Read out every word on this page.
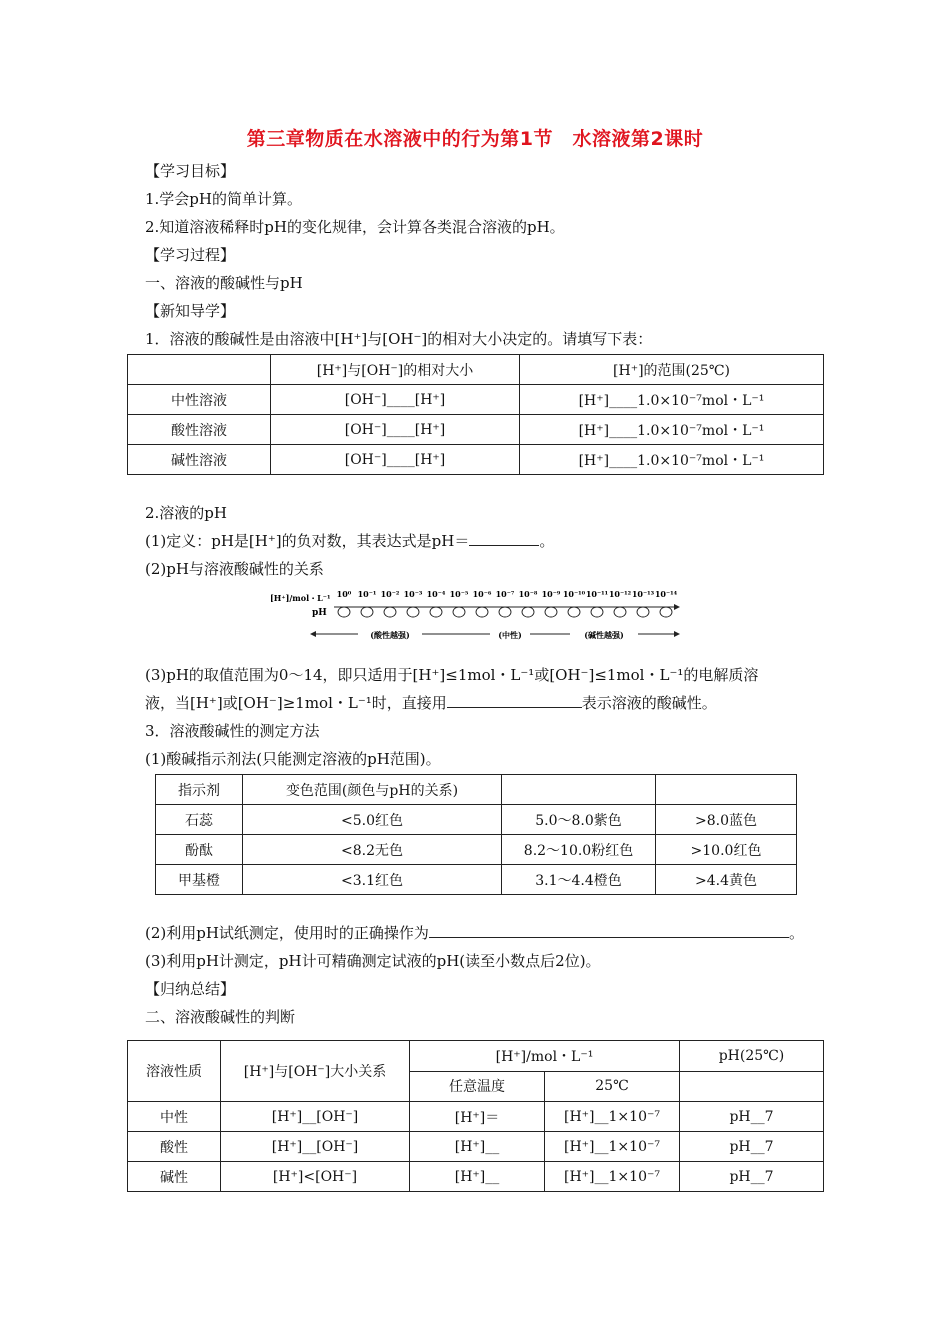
第三章物质在水溶液中的行为第1节　水溶液第2课时
【学习目标】
1.学会pH的简单计算。
2.知道溶液稀释时pH的变化规律，会计算各类混合溶液的pH。
【学习过程】
一、溶液的酸碱性与pH
【新知导学】
1．溶液的酸碱性是由溶液中[H⁺]与[OH⁻]的相对大小决定的。请填写下表：
	[H⁺]与[OH⁻]的相对大小	[H⁺]的范围(25℃)
中性溶液	[OH⁻]____[H⁺]	[H⁺]____1.0×10⁻⁷mol・L⁻¹
酸性溶液	[OH⁻]____[H⁺]	[H⁺]____1.0×10⁻⁷mol・L⁻¹
碱性溶液	[OH⁻]____[H⁺]	[H⁺]____1.0×10⁻⁷mol・L⁻¹
2.溶液的pH
(1)定义：pH是[H⁺]的负对数，其表达式是pH＝	。
(2)pH与溶液酸碱性的关系
[H⁺]/mol・L⁻¹
pH
10⁰ 10⁻¹ 10⁻² 10⁻³ 10⁻⁴ 10⁻⁵ 10⁻⁶ 10⁻⁷ 10⁻⁸ 10⁻⁹ 10⁻¹⁰ 10⁻¹¹ 10⁻¹² 10⁻¹³ 10⁻¹⁴
(酸性越强)	(中性)	(碱性越强)
(3)pH的取值范围为0～14，即只适用于[H⁺]≤1mol・L⁻¹或[OH⁻]≤1mol・L⁻¹的电解质溶
液，当[H⁺]或[OH⁻]≥1mol・L⁻¹时，直接用	表示溶液的酸碱性。
3．溶液酸碱性的测定方法
(1)酸碱指示剂法(只能测定溶液的pH范围)。
指示剂	变色范围(颜色与pH的关系)		
石蕊	<5.0红色	5.0～8.0紫色	>8.0蓝色
酚酞	<8.2无色	8.2～10.0粉红色	>10.0红色
甲基橙	<3.1红色	3.1～4.4橙色	>4.4黄色
(2)利用pH试纸测定，使用时的正确操作为	。
(3)利用pH计测定，pH计可精确测定试液的pH(读至小数点后2位)。
【归纳总结】
二、溶液酸碱性的判断
溶液性质	[H⁺]与[OH⁻]大小关系	[H⁺]/mol・L⁻¹		pH(25℃)
		任意温度	25℃	
中性	[H⁺]__[OH⁻]	[H⁺]＝	[H⁺]__1×10⁻⁷	pH__7
酸性	[H⁺]__[OH⁻]	[H⁺]__	[H⁺]__1×10⁻⁷	pH__7
碱性	[H⁺]<[OH⁻]	[H⁺]__	[H⁺]__1×10⁻⁷	pH__7
